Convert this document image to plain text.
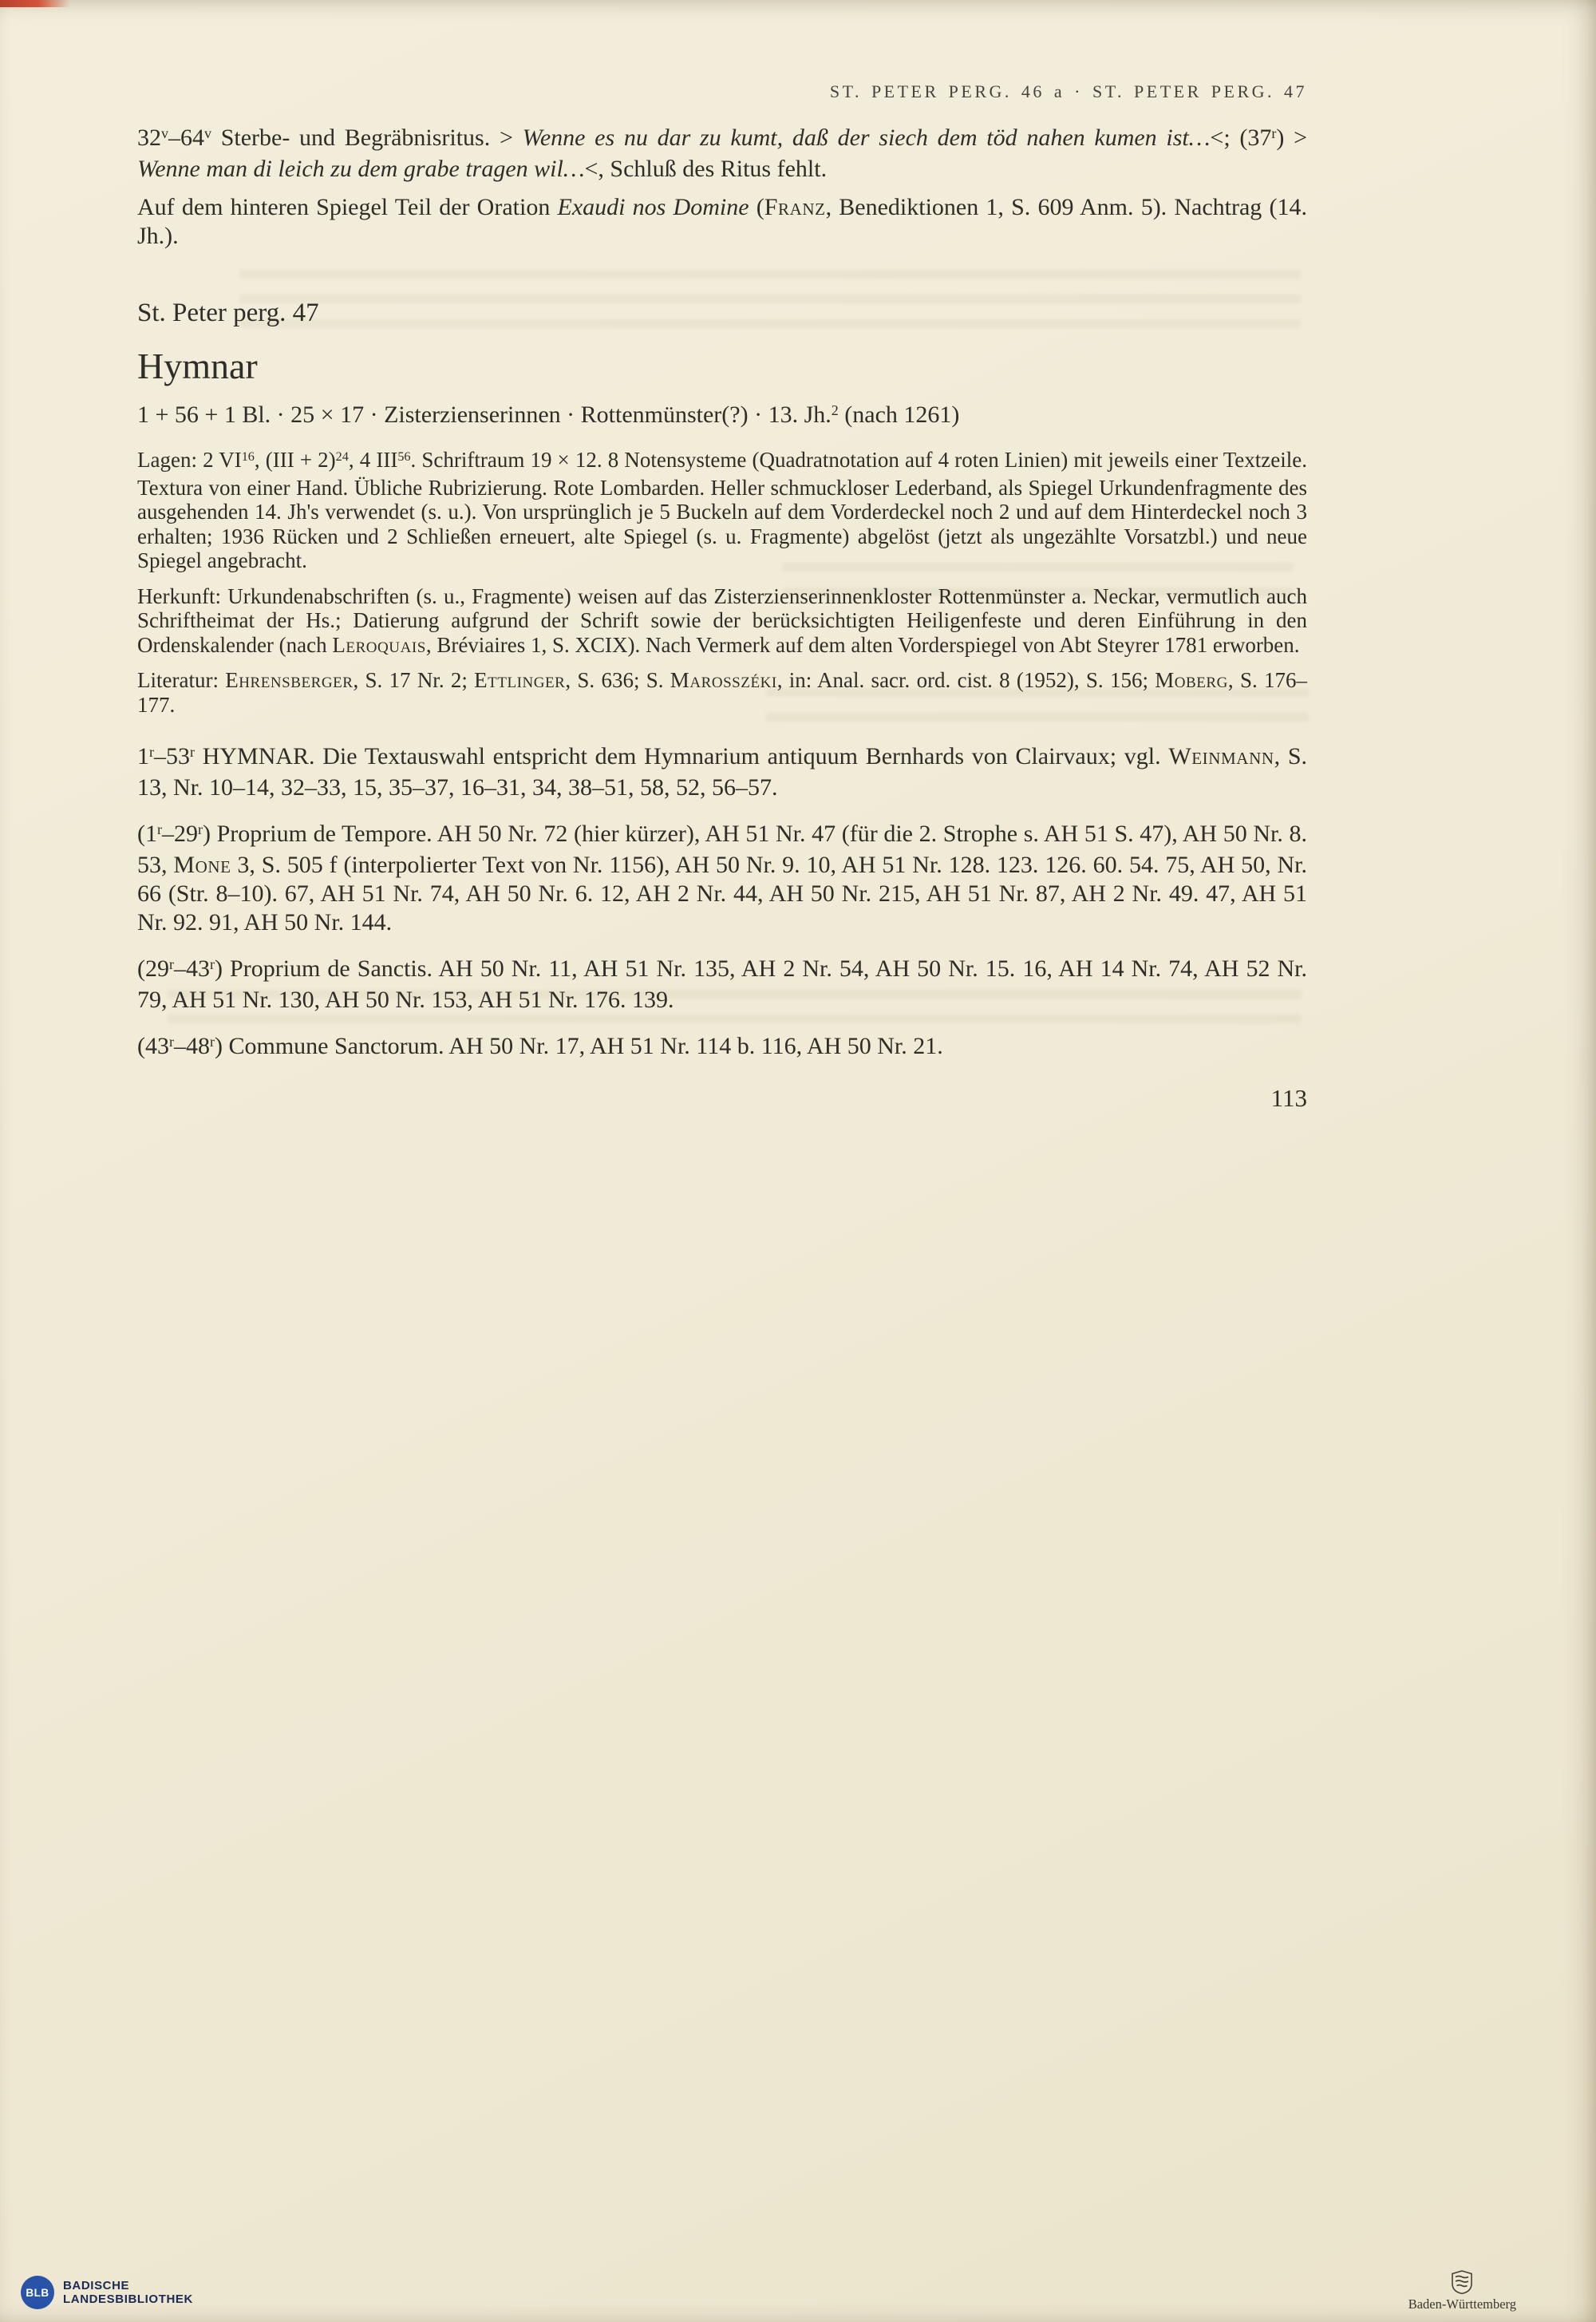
ST. PETER PERG. 46 a · ST. PETER PERG. 47

32$^v$–64$^v$ Sterbe- und Begräbnisritus. > Wenne es nu dar zu kumt, daß der siech dem töd nahen kumen ist…<; $(37^r)$ > Wenne man di leich zu dem grabe tragen wil…<, Schluß des Ritus fehlt.

Auf dem hinteren Spiegel Teil der Oration Exaudi nos Domine (Franz, Benediktionen 1, S. 609 Anm. 5). Nachtrag (14. Jh.).

St. Peter perg. 47
Hymnar

1 + 56 + 1 Bl. · 25 × 17 · Zisterzienserinnen · Rottenmünster(?) · 13. Jh.$^2$ (nach 1261)

Lagen: 2 VI$^{16}$, (III + 2)$^{24}$, 4 III$^{56}$. Schriftraum 19 × 12. 8 Notensysteme (Quadratnotation auf 4 roten Linien) mit jeweils einer Textzeile. Textura von einer Hand. Übliche Rubrizierung. Rote Lombarden. Heller schmuckloser Lederband, als Spiegel Urkundenfragmente des ausgehenden 14. Jh's verwendet (s. u.). Von ursprünglich je 5 Buckeln auf dem Vorderdeckel noch 2 und auf dem Hinterdeckel noch 3 erhalten; 1936 Rücken und 2 Schließen erneuert, alte Spiegel (s. u. Fragmente) abgelöst (jetzt als ungezählte Vorsatzbl.) und neue Spiegel angebracht.

Herkunft: Urkundenabschriften (s. u., Fragmente) weisen auf das Zisterzienserinnenkloster Rottenmünster a. Neckar, vermutlich auch Schriftheimat der Hs.; Datierung aufgrund der Schrift sowie der berücksichtigten Heiligenfeste und deren Einführung in den Ordenskalender (nach Leroquais, Bréviaires 1, S. XCIX). Nach Vermerk auf dem alten Vorderspiegel von Abt Steyrer 1781 erworben.

Literatur: Ehrensberger, S. 17 Nr. 2; Ettlinger, S. 636; S. Marosszéki, in: Anal. sacr. ord. cist. 8 (1952), S. 156; Moberg, S. 176–177.

1$^r$–53$^r$ HYMNAR. Die Textauswahl entspricht dem Hymnarium antiquum Bernhards von Clairvaux; vgl. Weinmann, S. 13, Nr. 10–14, 32–33, 15, 35–37, 16–31, 34, 38–51, 58, 52, 56–57.

(1$^r$–29$^r$) Proprium de Tempore. AH 50 Nr. 72 (hier kürzer), AH 51 Nr. 47 (für die 2. Strophe s. AH 51 S. 47), AH 50 Nr. 8. 53, Mone 3, S. 505 f (interpolierter Text von Nr. 1156), AH 50 Nr. 9. 10, AH 51 Nr. 128. 123. 126. 60. 54. 75, AH 50, Nr. 66 (Str. 8–10). 67, AH 51 Nr. 74, AH 50 Nr. 6. 12, AH 2 Nr. 44, AH 50 Nr. 215, AH 51 Nr. 87, AH 2 Nr. 49. 47, AH 51 Nr. 92. 91, AH 50 Nr. 144.

(29$^r$–43$^r$) Proprium de Sanctis. AH 50 Nr. 11, AH 51 Nr. 135, AH 2 Nr. 54, AH 50 Nr. 15. 16, AH 14 Nr. 74, AH 52 Nr. 79, AH 51 Nr. 130, AH 50 Nr. 153, AH 51 Nr. 176. 139.

(43$^r$–48$^r$) Commune Sanctorum. AH 50 Nr. 17, AH 51 Nr. 114 b. 116, AH 50 Nr. 21.

113
BLB
BADISCHE
LANDESBIBLIOTHEK	Baden-Württemberg
